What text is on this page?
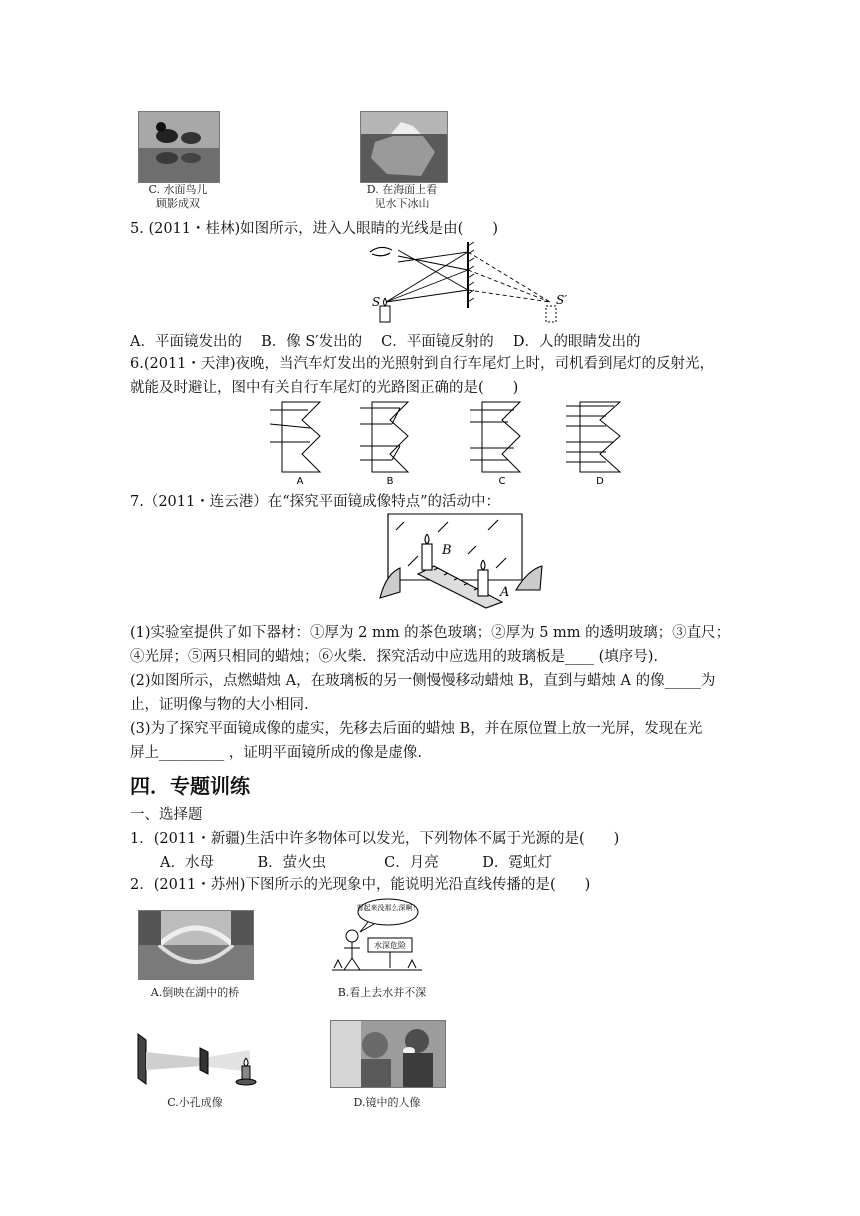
C. 水面鸟儿
顾影成双
D. 在海面上看
见水下冰山
5. (2011・桂林)如图所示，进入人眼睛的光线是由(　　)
S	S′
A．平面镜发出的　 B．像 S′发出的　 C．平面镜反射的　 D．人的眼睛发出的
6.(2011・天津)夜晚，当汽车灯发出的光照射到自行车尾灯上时，司机看到尾灯的反射光，
就能及时避让，图中有关自行车尾灯的光路图正确的是(　　)
A	B	C	D
7.（2011・连云港）在“探究平面镜成像特点”的活动中：
B
A
(1)实验室提供了如下器材：①厚为 2 mm 的茶色玻璃；②厚为 5 mm 的透明玻璃；③直尺；
④光屏；⑤两只相同的蜡烛；⑥火柴．探究活动中应选用的玻璃板是____ (填序号).
(2)如图所示，点燃蜡烛 A，在玻璃板的另一侧慢慢移动蜡烛 B，直到与蜡烛 A 的像_____为
止，证明像与物的大小相同.
(3)为了探究平面镜成像的虚实，先移去后面的蜡烛 B，并在原位置上放一光屏，发现在光
屏上_________ ，证明平面镜所成的像是虚像.
四．专题训练
一、选择题
1．(2011・新疆)生活中许多物体可以发光，下列物体不属于光源的是(　　)
A．水母　　　B．萤火虫　　　　C．月亮　　　D．霓虹灯
2．(2011・苏州)下图所示的光现象中，能说明光沿直线传播的是(　　)
A.倒映在湖中的桥
看起来没那么深啊！
水深危险
B.看上去水并不深
C.小孔成像	D.镜中的人像
